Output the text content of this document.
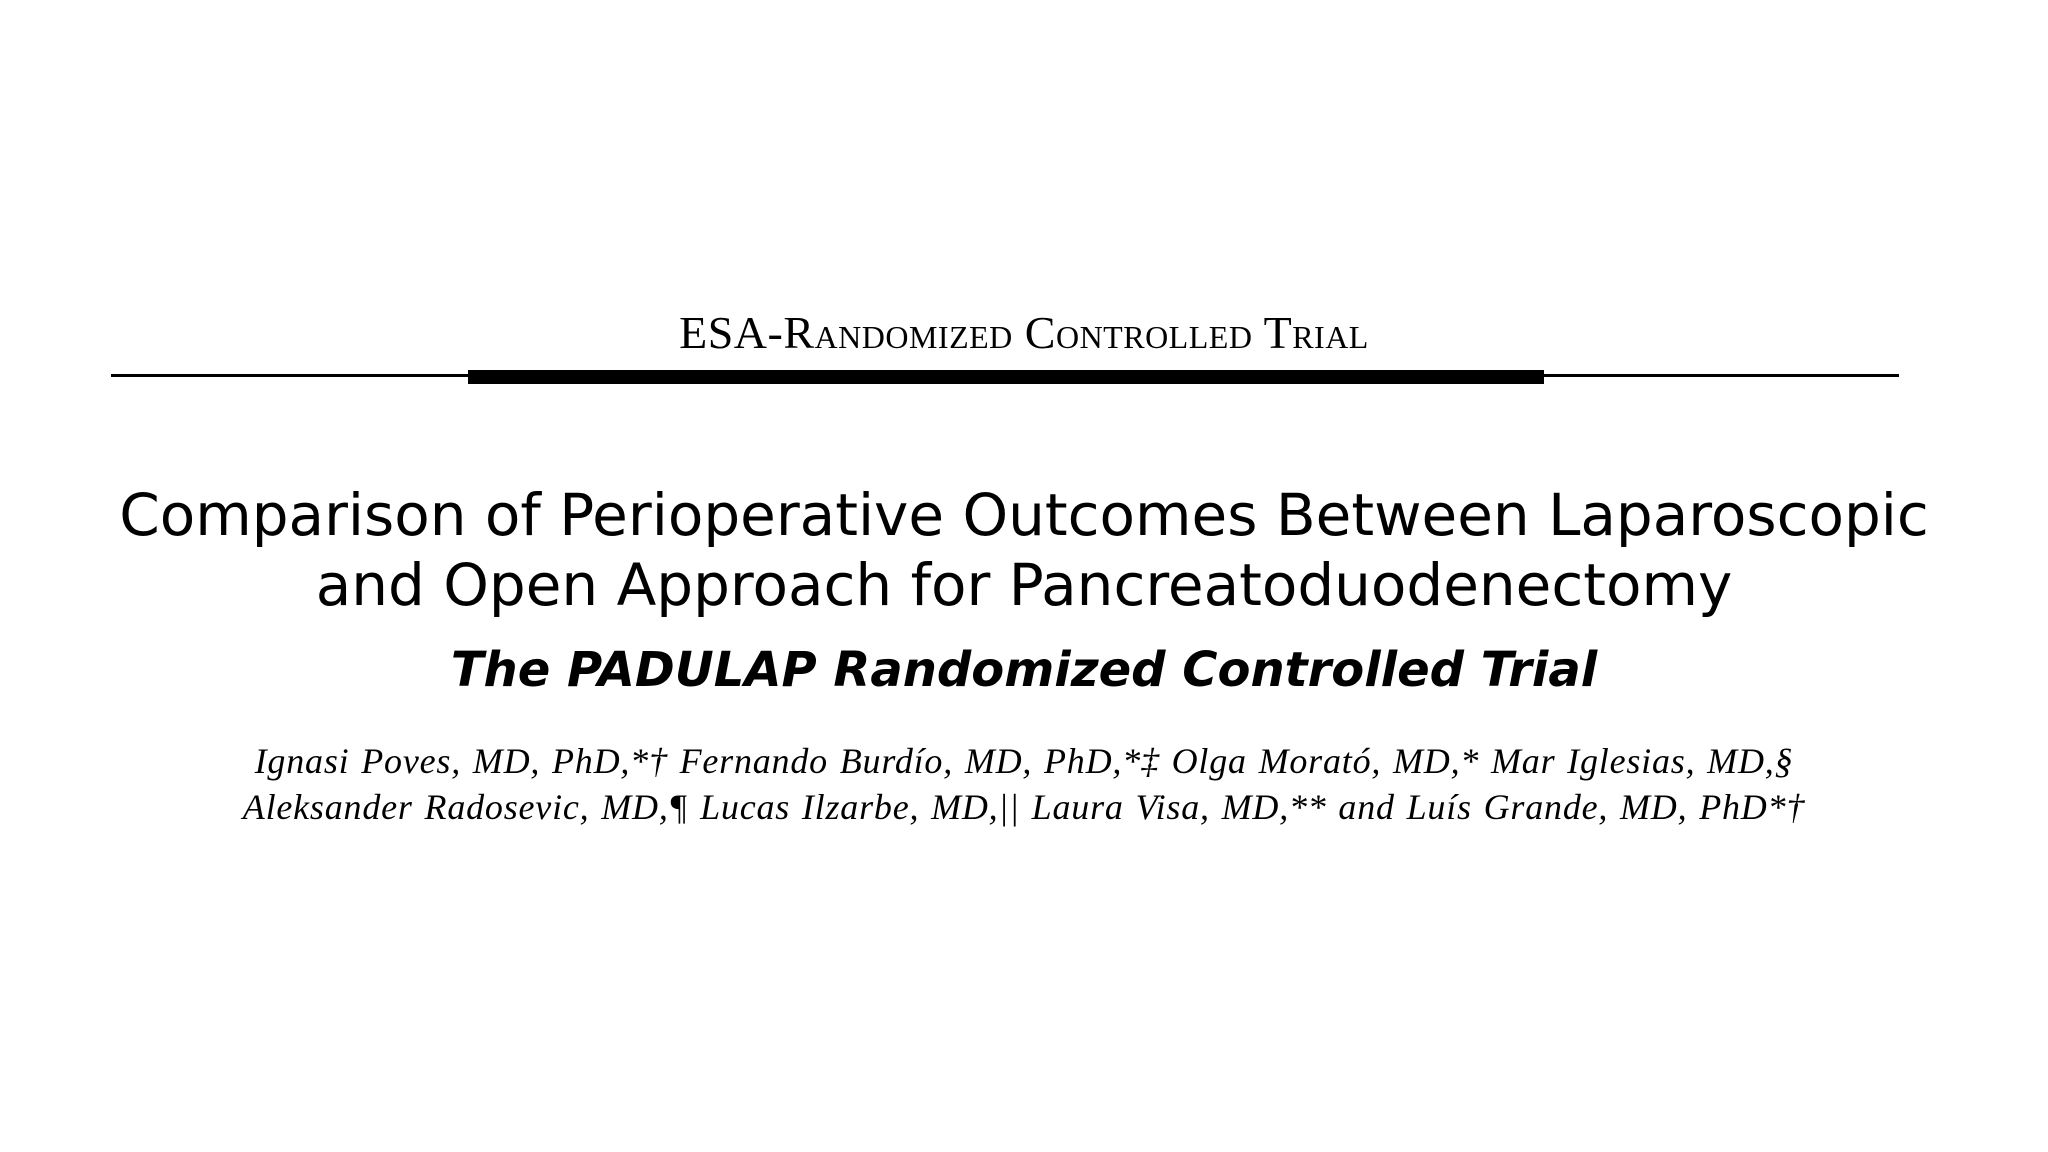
ESA-Randomized Controlled Trial
Comparison of Perioperative Outcomes Between Laparoscopic
and Open Approach for Pancreatoduodenectomy
The PADULAP Randomized Controlled Trial
Ignasi Poves, MD, PhD,*† Fernando Burdío, MD, PhD,*‡ Olga Morató, MD,* Mar Iglesias, MD,§
Aleksander Radosevic, MD,¶ Lucas Ilzarbe, MD,|| Laura Visa, MD,** and Luís Grande, MD, PhD*†
